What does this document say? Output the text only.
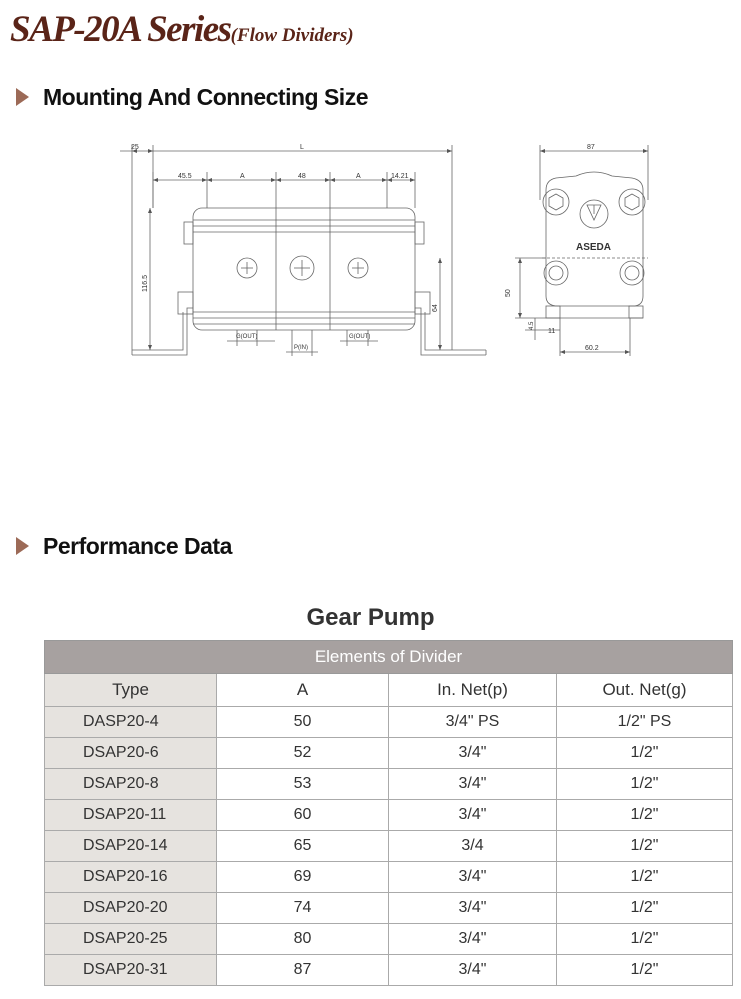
SAP-20A Series(Flow Dividers)
Mounting And Connecting Size
25	L
45.5	A	48	A	14.21
116.5
64
G(OUT)
P(IN)
G(OUT)
87
50
4.5
11
60.2
ASEDA
Performance Data
Gear Pump
Elements of Divider			
Type	A	In. Net(p)	Out. Net(g)
DASP20-4	50	3/4" PS	1/2" PS
DSAP20-6	52	3/4"	1/2"
DSAP20-8	53	3/4"	1/2"
DSAP20-11	60	3/4"	1/2"
DSAP20-14	65	3/4	1/2"
DSAP20-16	69	3/4"	1/2"
DSAP20-20	74	3/4"	1/2"
DSAP20-25	80	3/4"	1/2"
DSAP20-31	87	3/4"	1/2"
